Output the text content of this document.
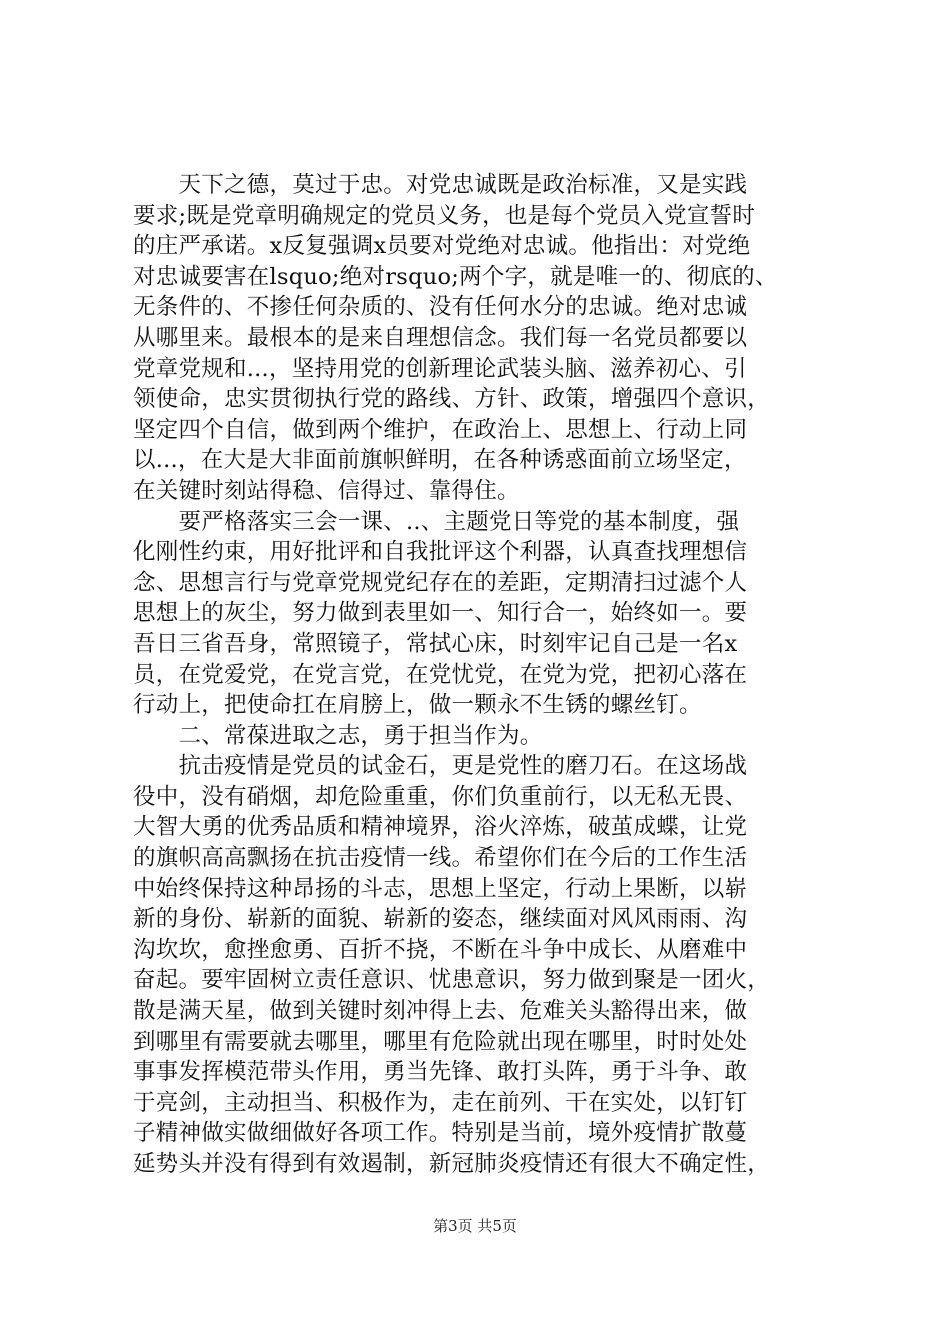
　　天下之德，莫过于忠。对党忠诚既是政治标准，又是实践
要求;既是党章明确规定的党员义务，也是每个党员入党宣誓时
的庄严承诺。x反复强调x员要对党绝对忠诚。他指出：对党绝
对忠诚要害在lsquo;绝对rsquo;两个字，就是唯一的、彻底的、
无条件的、不掺任何杂质的、没有任何水分的忠诚。绝对忠诚
从哪里来。最根本的是来自理想信念。我们每一名党员都要以
党章党规和...，坚持用党的创新理论武装头脑、滋养初心、引
领使命，忠实贯彻执行党的路线、方针、政策，增强四个意识，
坚定四个自信，做到两个维护，在政治上、思想上、行动上同
以...，在大是大非面前旗帜鲜明，在各种诱惑面前立场坚定，
在关键时刻站得稳、信得过、靠得住。
　　要严格落实三会一课、..、主题党日等党的基本制度，强
化刚性约束，用好批评和自我批评这个利器，认真查找理想信
念、思想言行与党章党规党纪存在的差距，定期清扫过滤个人
思想上的灰尘，努力做到表里如一、知行合一，始终如一。要
吾日三省吾身，常照镜子，常拭心床，时刻牢记自己是一名x
员，在党爱党，在党言党，在党忧党，在党为党，把初心落在
行动上，把使命扛在肩膀上，做一颗永不生锈的螺丝钉。
　　二、常葆进取之志，勇于担当作为。
　　抗击疫情是党员的试金石，更是党性的磨刀石。在这场战
役中，没有硝烟，却危险重重，你们负重前行，以无私无畏、
大智大勇的优秀品质和精神境界，浴火淬炼，破茧成蝶，让党
的旗帜高高飘扬在抗击疫情一线。希望你们在今后的工作生活
中始终保持这种昂扬的斗志，思想上坚定，行动上果断，以崭
新的身份、崭新的面貌、崭新的姿态，继续面对风风雨雨、沟
沟坎坎，愈挫愈勇、百折不挠，不断在斗争中成长、从磨难中
奋起。要牢固树立责任意识、忧患意识，努力做到聚是一团火，
散是满天星，做到关键时刻冲得上去、危难关头豁得出来，做
到哪里有需要就去哪里，哪里有危险就出现在哪里，时时处处
事事发挥模范带头作用，勇当先锋、敢打头阵，勇于斗争、敢
于亮剑，主动担当、积极作为，走在前列、干在实处，以钉钉
子精神做实做细做好各项工作。特别是当前，境外疫情扩散蔓
延势头并没有得到有效遏制，新冠肺炎疫情还有很大不确定性，
第3页 共5页
